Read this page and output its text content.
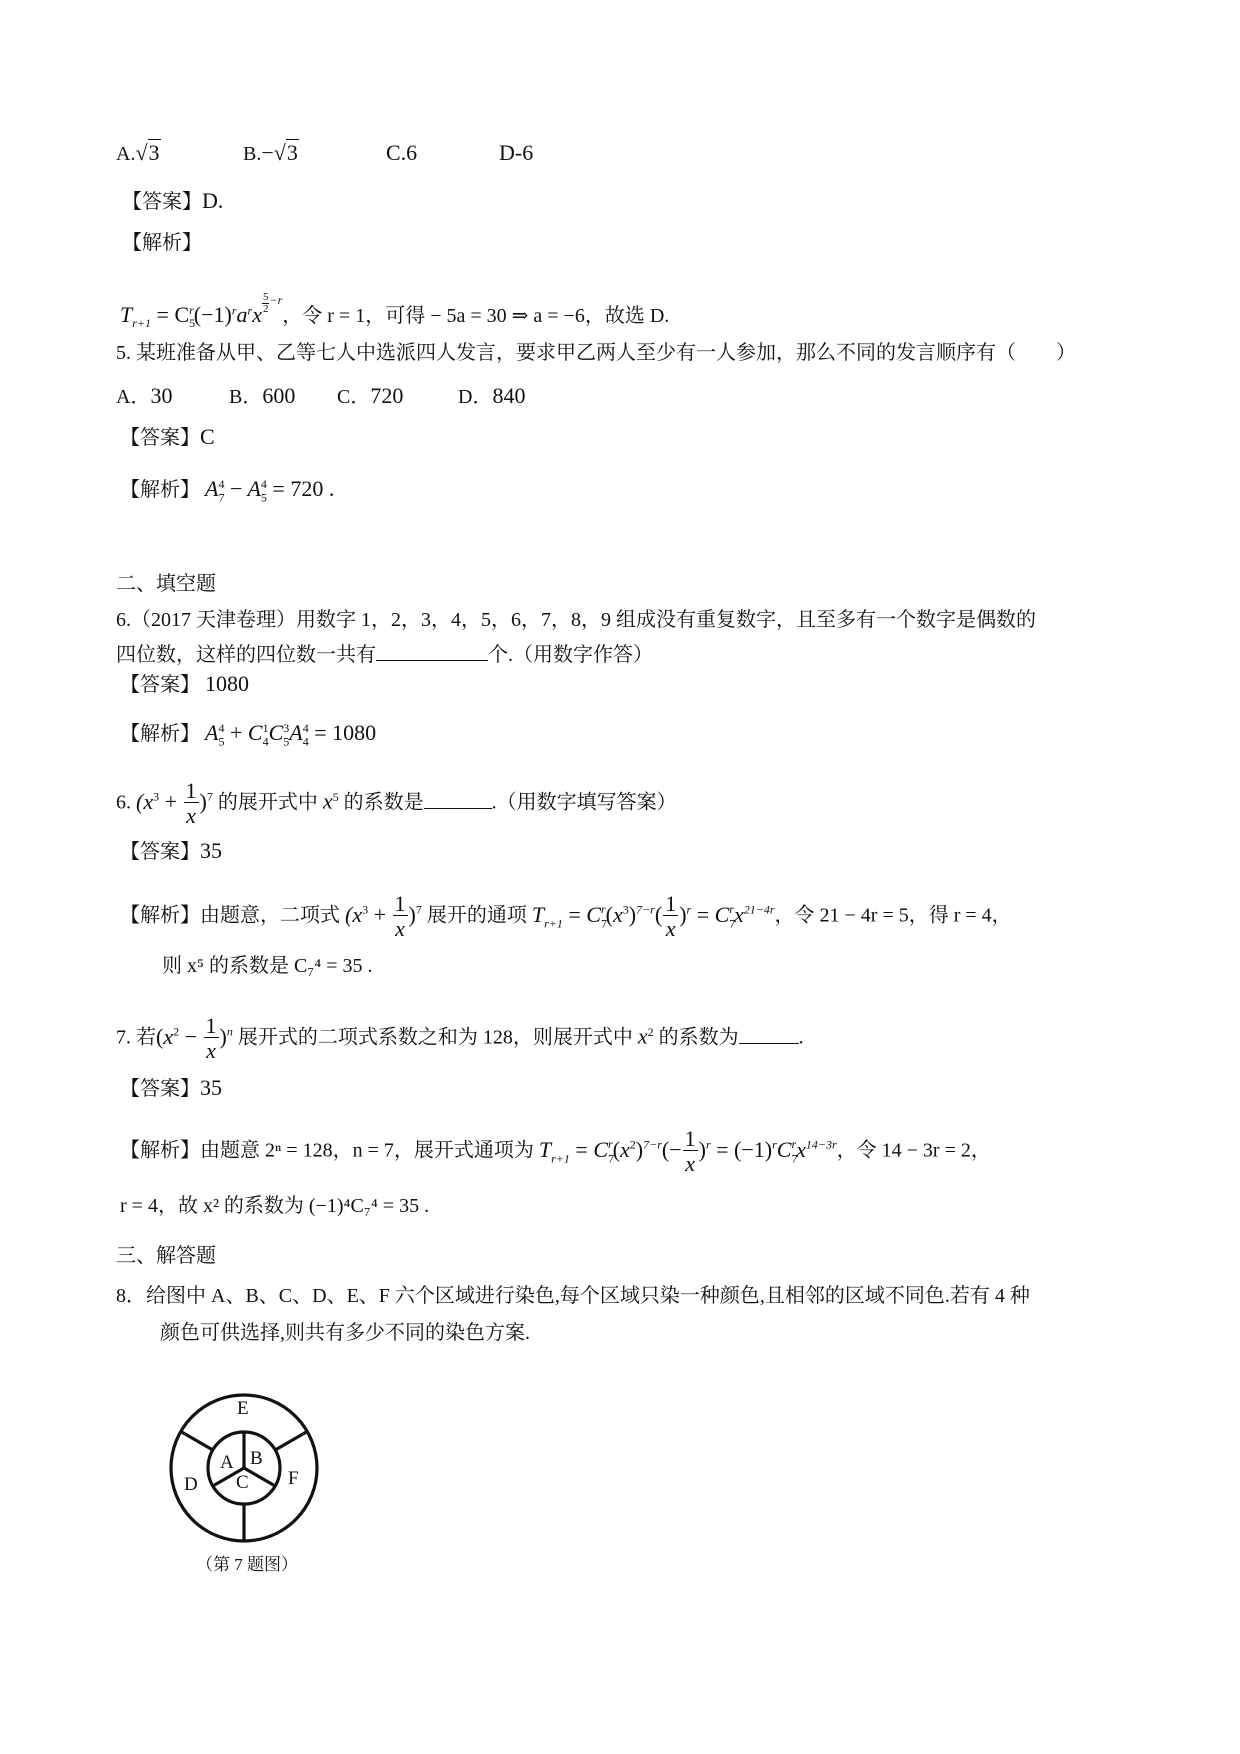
A.√3	B.−√3	C.6	D-6
【答案】D.
【解析】
$T_{r+1} = C_5^r(-1)^ra^rx \frac{5}{2} ^{-r}$，令 r = 1，可得 − 5a = 30 ⇒ a = −6，故选 D.
5. 某班准备从甲、乙等七人中选派四人发言，要求甲乙两人至少有一人参加，那么不同的发言顺序有（　　）
A．30	B．600 C．720	D．840
【答案】C
【解析】 $A_7^4 - A_5^4 = 720$ .
二、填空题
6.（2017 天津卷理）用数字 1，2，3，4，5，6，7，8，9 组成没有重复数字，且至多有一个数字是偶数的
四位数，这样的四位数一共有	个.（用数字作答）
【答案】 1080
【解析】 $A_5^4 + C_4^1C_5^3A_4^4 = 1080$
6. $(x^3 + \frac{1}{x} )^7$ 的展开式中 $x^5$ 的系数是	.（用数字填写答案）
【答案】35
【解析】由题意，二项式 $(x^3 + \frac{1}{x} )^7$ 展开的通项 $T_{r+1} = C_7^r(x^3)^{7-r}( \frac{1}{x} )^r = C_7^rx^{21-4r}$，令 21 − 4r = 5，得 r = 4，
则 x⁵ 的系数是 C₇⁴ = 35 .
7. 若$(x^2 - \frac{1}{x} )^n$ 展开式的二项式系数之和为 128，则展开式中 $x^2$ 的系数为	.
【答案】35
【解析】由题意 2ⁿ = 128，n = 7，展开式通项为 $T_{r+1} = C_7^r(x^2)^{7-r}(- \frac{1}{x} )^r = (-1)^rC_7^rx^{14-3r}$，令 14 − 3r = 2，
r = 4，故 x² 的系数为 (−1)⁴C₇⁴ = 35 .
三、解答题
8．给图中 A、B、C、D、E、F 六个区域进行染色,每个区域只染一种颜色,且相邻的区域不同色.若有 4 种
颜色可供选择,则共有多少不同的染色方案.
E
A B
C
D	F
（第 7 题图）
